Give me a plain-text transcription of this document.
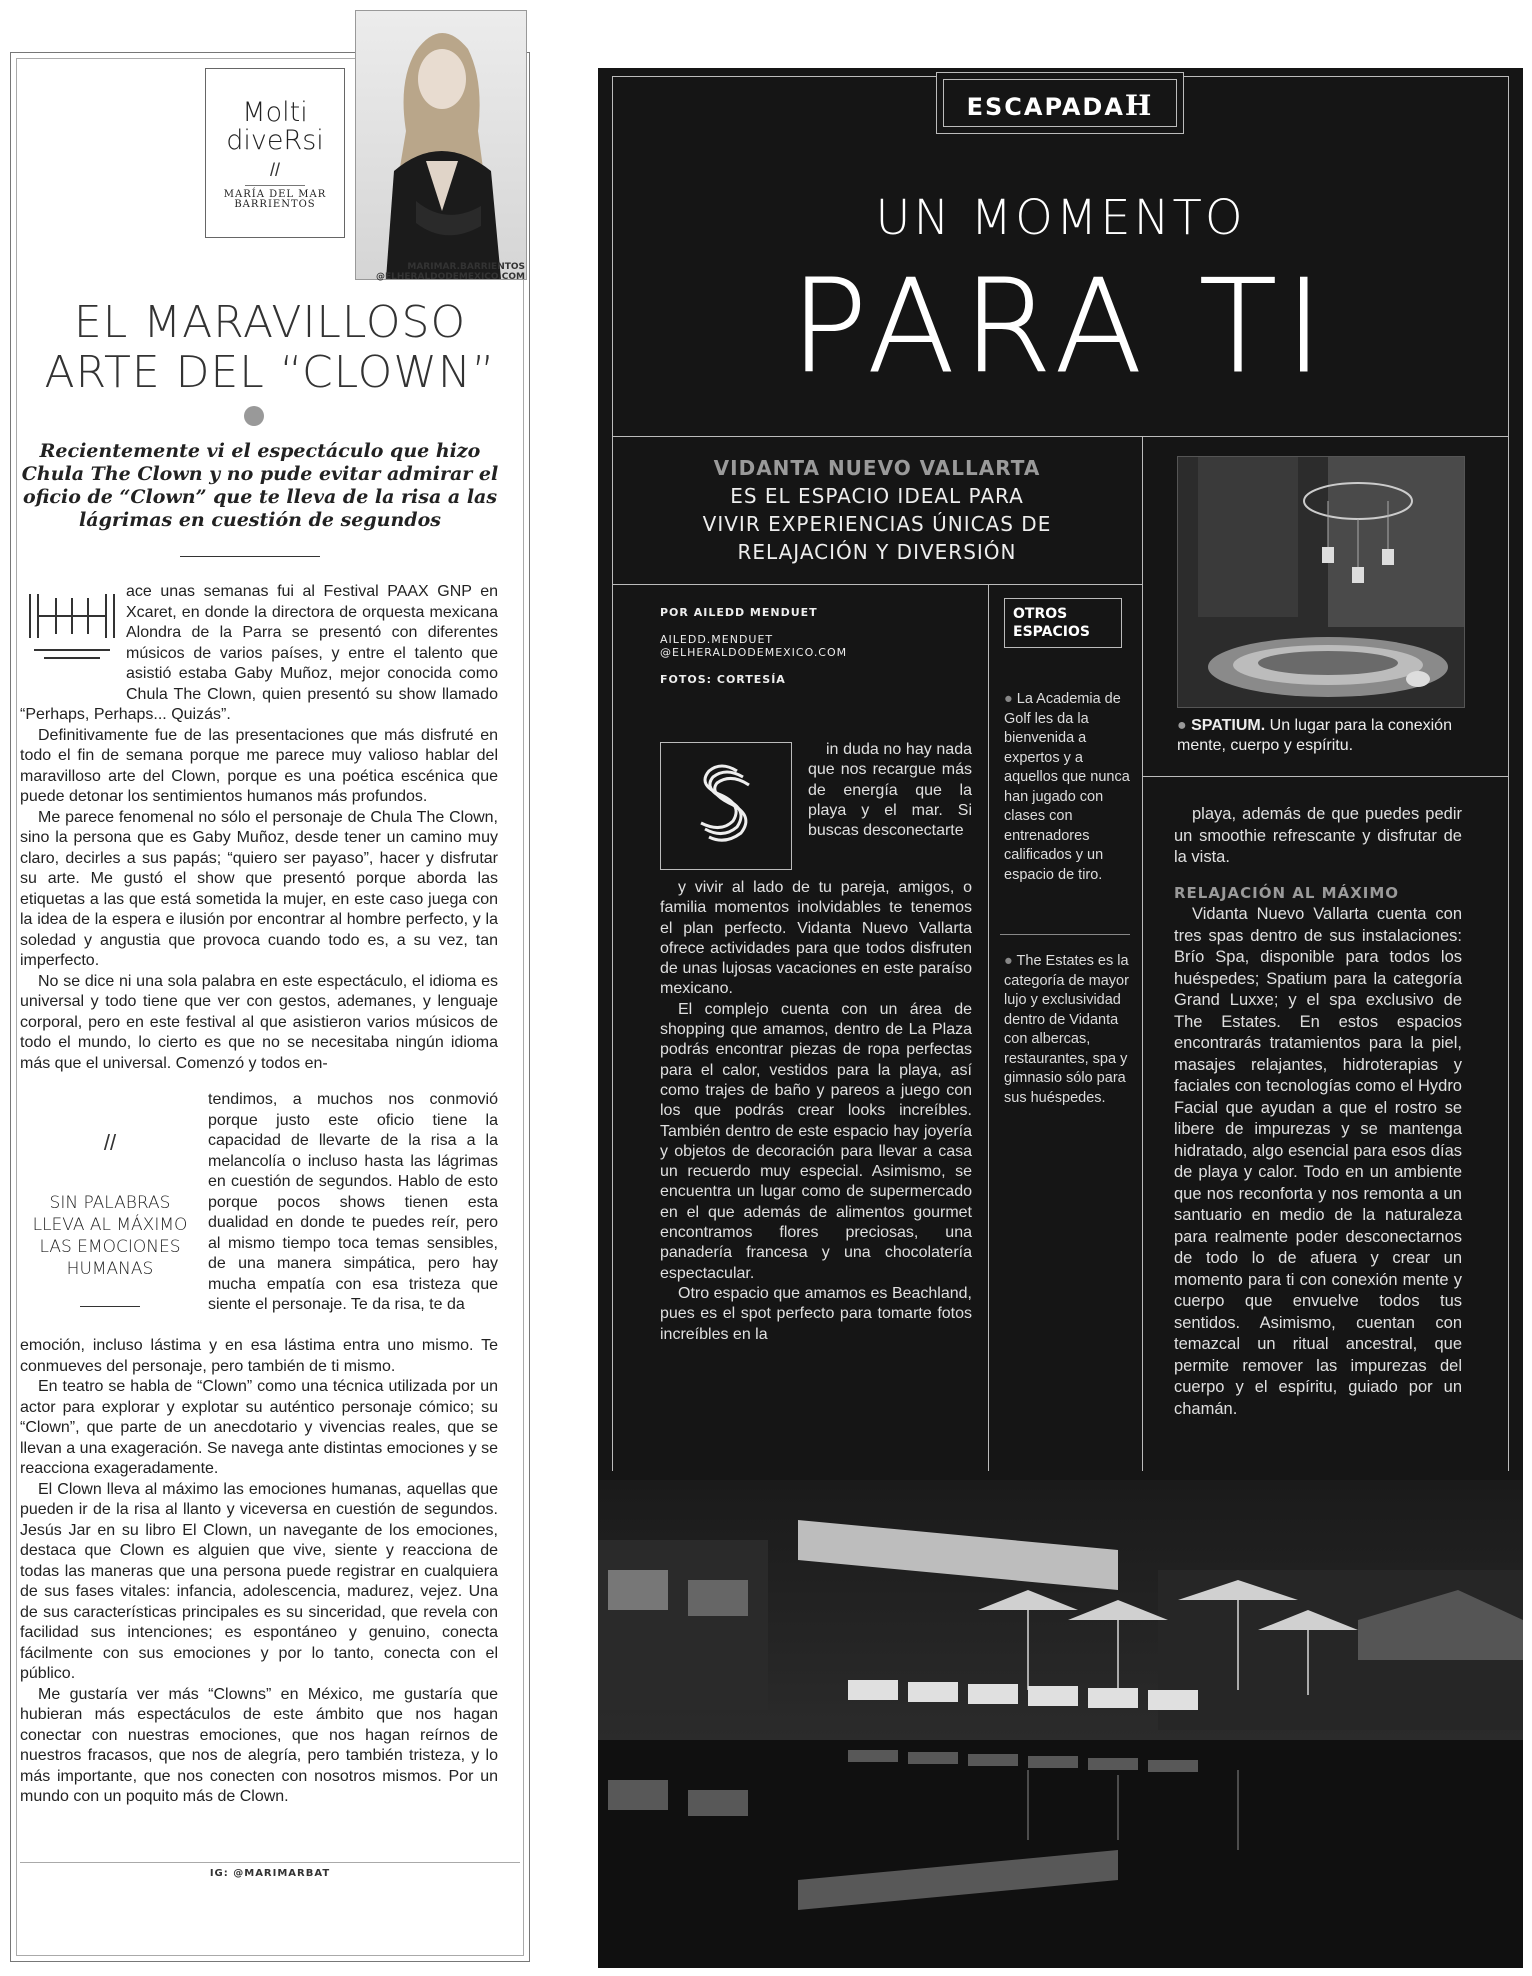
Molti
diveRsi
//
MARÍA DEL MAR
BARRIENTOS
MARIMAR.BARRIENTOS
@ELHERALDODEMEXICO.COM
EL MARAVILLOSO
ARTE DEL “CLOWN”
Recientemente vi el espectáculo que hizo
Chula The Clown y no pude evitar admirar el
oficio de “Clown” que te lleva de la risa a las
lágrimas en cuestión de segundos

ace unas semanas fui al Festival PAAX GNP en Xcaret, en donde la directora de orquesta mexicana Alondra de la Parra se presentó con diferentes músicos de varios países, y entre el talento que asistió estaba Gaby Muñoz, mejor conocida como Chula The Clown, quien presentó su show llamado “Perhaps, Perhaps... Quizás”.

Definitivamente fue de las presentaciones que más disfruté en todo el fin de semana porque me parece muy valioso hablar del maravilloso arte del Clown, porque es una poética escénica que puede detonar los sentimientos humanos más profundos.

Me parece fenomenal no sólo el personaje de Chula The Clown, sino la persona que es Gaby Muñoz, desde tener un camino muy claro, decirles a sus papás; “quiero ser payaso”, hacer y disfrutar su arte. Me gustó el show que presentó porque aborda las etiquetas a las que está sometida la mujer, en este caso juega con la idea de la espera e ilusión por encontrar al hombre perfecto, y la soledad y angustia que provoca cuando todo es, a su vez, tan imperfecto.

No se dice ni una sola palabra en este espectáculo, el idioma es universal y todo tiene que ver con gestos, ademanes, y lenguaje corporal, pero en este festival al que asistieron varios músicos de todo el mundo, lo cierto es que no se necesitaba ningún idioma más que el universal. Comenzó y todos en-

//
SIN PALABRAS
LLEVA AL MÁXIMO
LAS EMOCIONES
HUMANAS

tendimos, a muchos nos conmovió porque justo este oficio tiene la capacidad de llevarte de la risa a la melancolía o incluso hasta las lágrimas en cuestión de segundos. Hablo de esto porque pocos shows tienen esta dualidad en donde te puedes reír, pero al mismo tiempo toca temas sensibles, de una manera simpática, pero hay mucha empatía con esa tristeza que siente el personaje. Te da risa, te da

emoción, incluso lástima y en esa lástima entra uno mismo. Te conmueves del personaje, pero también de ti mismo.

En teatro se habla de “Clown” como una técnica utilizada por un actor para explorar y explotar su auténtico personaje cómico; su “Clown”, que parte de un anecdotario y vivencias reales, que se llevan a una exageración. Se navega ante distintas emociones y se reacciona exageradamente.

El Clown lleva al máximo las emociones humanas, aquellas que pueden ir de la risa al llanto y viceversa en cuestión de segundos. Jesús Jar en su libro El Clown, un navegante de los emociones, destaca que Clown es alguien que vive, siente y reacciona de todas las maneras que una persona puede registrar en cualquiera de sus fases vitales: infancia, adolescencia, madurez, vejez. Una de sus características principales es su sinceridad, que revela con facilidad sus intenciones; es espontáneo y genuino, conecta fácilmente con sus emociones y por lo tanto, conecta con el público.

Me gustaría ver más “Clowns” en México, me gustaría que hubieran más espectáculos de este ámbito que nos hagan conectar con nuestras emociones, que nos hagan reírnos de nuestros fracasos, que nos de alegría, pero también tristeza, y lo más importante, que nos conecten con nosotros mismos. Por un mundo con un poquito más de Clown.

IG: @MARIMARBAT
ESCAPADAH
UN MOMENTO
PARA TI
VIDANTA NUEVO VALLARTA
ES EL ESPACIO IDEAL PARA
VIVIR EXPERIENCIAS ÚNICAS DE
RELAJACIÓN Y DIVERSIÓN
● SPATIUM. Un lugar para la conexión mente, cuerpo y espíritu.
POR AILEDD MENDUET
AILEDD.MENDUET
@ELHERALDODEMEXICO.COM
FOTOS: CORTESÍA

in duda no hay nada que nos recargue más de energía que la playa y el mar. Si buscas desconectarte

y vivir al lado de tu pareja, amigos, o familia momentos inolvidables te tenemos el plan perfecto. Vidanta Nuevo Vallarta ofrece actividades para que todos disfruten de unas lujosas vacaciones en este paraíso mexicano.

El complejo cuenta con un área de shopping que amamos, dentro de La Plaza podrás encontrar piezas de ropa perfectas para el calor, vestidos para la playa, así como trajes de baño y pareos a juego con los que podrás crear looks increíbles. También dentro de este espacio hay joyería y objetos de decoración para llevar a casa un recuerdo muy especial. Asimismo, se encuentra un lugar como de supermercado en el que además de alimentos gourmet encontramos flores preciosas, una panadería francesa y una chocolatería espectacular.

Otro espacio que amamos es Beachland, pues es el spot perfecto para tomarte fotos increíbles en la

OTROS
ESPACIOS
● La Academia de Golf les da la bienvenida a expertos y a aquellos que nunca han jugado con clases con entrenadores calificados y un espacio de tiro.
● The Estates es la categoría de mayor lujo y exclusividad dentro de Vidanta con albercas, restaurantes, spa y gimnasio sólo para sus huéspedes.

playa, además de que puedes pedir un smoothie refrescante y disfrutar de la vista.

RELAJACIÓN AL MÁXIMO

Vidanta Nuevo Vallarta cuenta con tres spas dentro de sus instalaciones: Brío Spa, disponible para todos los huéspedes; Spatium para la categoría Grand Luxxe; y el spa exclusivo de The Estates. En estos espacios encontrarás tratamientos para la piel, masajes relajantes, hidroterapias y faciales con tecnologías como el Hydro Facial que ayudan a que el rostro se libere de impurezas y se mantenga hidratado, algo esencial para esos días de playa y calor. Todo en un ambiente que nos reconforta y nos remonta a un santuario en medio de la naturaleza para realmente poder desconectarnos de todo lo de afuera y crear un momento para ti con conexión mente y cuerpo que envuelve todos tus sentidos. Asimismo, cuentan con temazcal un ritual ancestral, que permite remover las impurezas del cuerpo y el espíritu, guiado por un chamán.
